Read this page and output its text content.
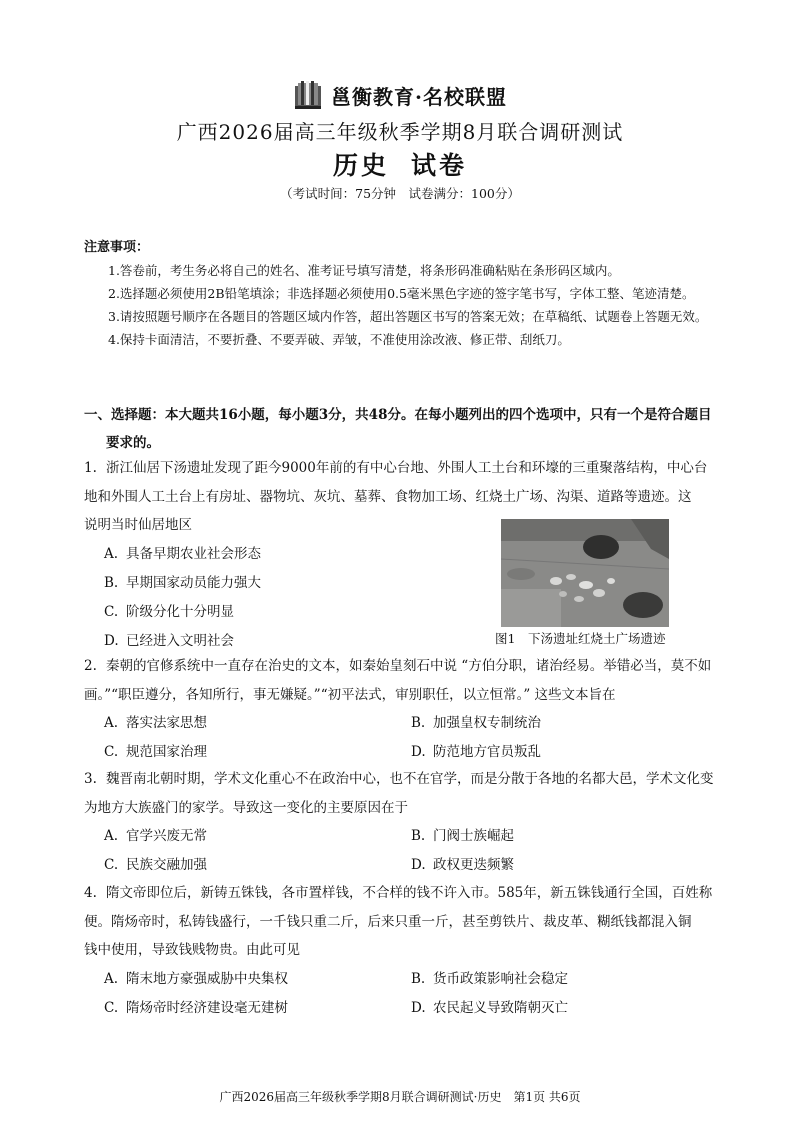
邕衡教育·名校联盟
广西2026届高三年级秋季学期8月联合调研测试
历史 试卷
（考试时间：75分钟　试卷满分：100分）
注意事项：
1.答卷前，考生务必将自己的姓名、准考证号填写清楚，将条形码准确粘贴在条形码区域内。
2.选择题必须使用2B铅笔填涂；非选择题必须使用0.5毫米黑色字迹的签字笔书写，字体工整、笔迹清楚。
3.请按照题号顺序在各题目的答题区域内作答，超出答题区书写的答案无效；在草稿纸、试题卷上答题无效。
4.保持卡面清洁，不要折叠、不要弄破、弄皱，不准使用涂改液、修正带、刮纸刀。
一、选择题：本大题共16小题，每小题3分，共48分。在每小题列出的四个选项中，只有一个是符合题目
要求的。
1. 浙江仙居下汤遗址发现了距今9000年前的有中心台地、外围人工土台和环壕的三重聚落结构，中心台
地和外围人工土台上有房址、器物坑、灰坑、墓葬、食物加工场、红烧土广场、沟渠、道路等遗迹。这
说明当时仙居地区
A. 具备早期农业社会形态
B. 早期国家动员能力强大
C. 阶级分化十分明显
D. 已经进入文明社会	图1　下汤遗址红烧土广场遗迹
2. 秦朝的官修系统中一直存在治史的文本，如秦始皇刻石中说 “方伯分职，诸治经易。举错必当，莫不如
画。”“职臣遵分，各知所行，事无嫌疑。”“初平法式，审别职任，以立恒常。” 这些文本旨在
A. 落实法家思想	B. 加强皇权专制统治
C. 规范国家治理	D. 防范地方官员叛乱
3. 魏晋南北朝时期，学术文化重心不在政治中心，也不在官学，而是分散于各地的名都大邑，学术文化变
为地方大族盛门的家学。导致这一变化的主要原因在于
A. 官学兴废无常	B. 门阀士族崛起
C. 民族交融加强	D. 政权更迭频繁
4. 隋文帝即位后，新铸五铢钱，各市置样钱，不合样的钱不许入市。585年，新五铢钱通行全国，百姓称
便。隋炀帝时，私铸钱盛行，一千钱只重二斤，后来只重一斤，甚至剪铁片、裁皮革、糊纸钱都混入铜
钱中使用，导致钱贱物贵。由此可见
A. 隋末地方豪强威胁中央集权	B. 货币政策影响社会稳定
C. 隋炀帝时经济建设毫无建树	D. 农民起义导致隋朝灭亡
广西2026届高三年级秋季学期8月联合调研测试·历史　第1页 共6页
